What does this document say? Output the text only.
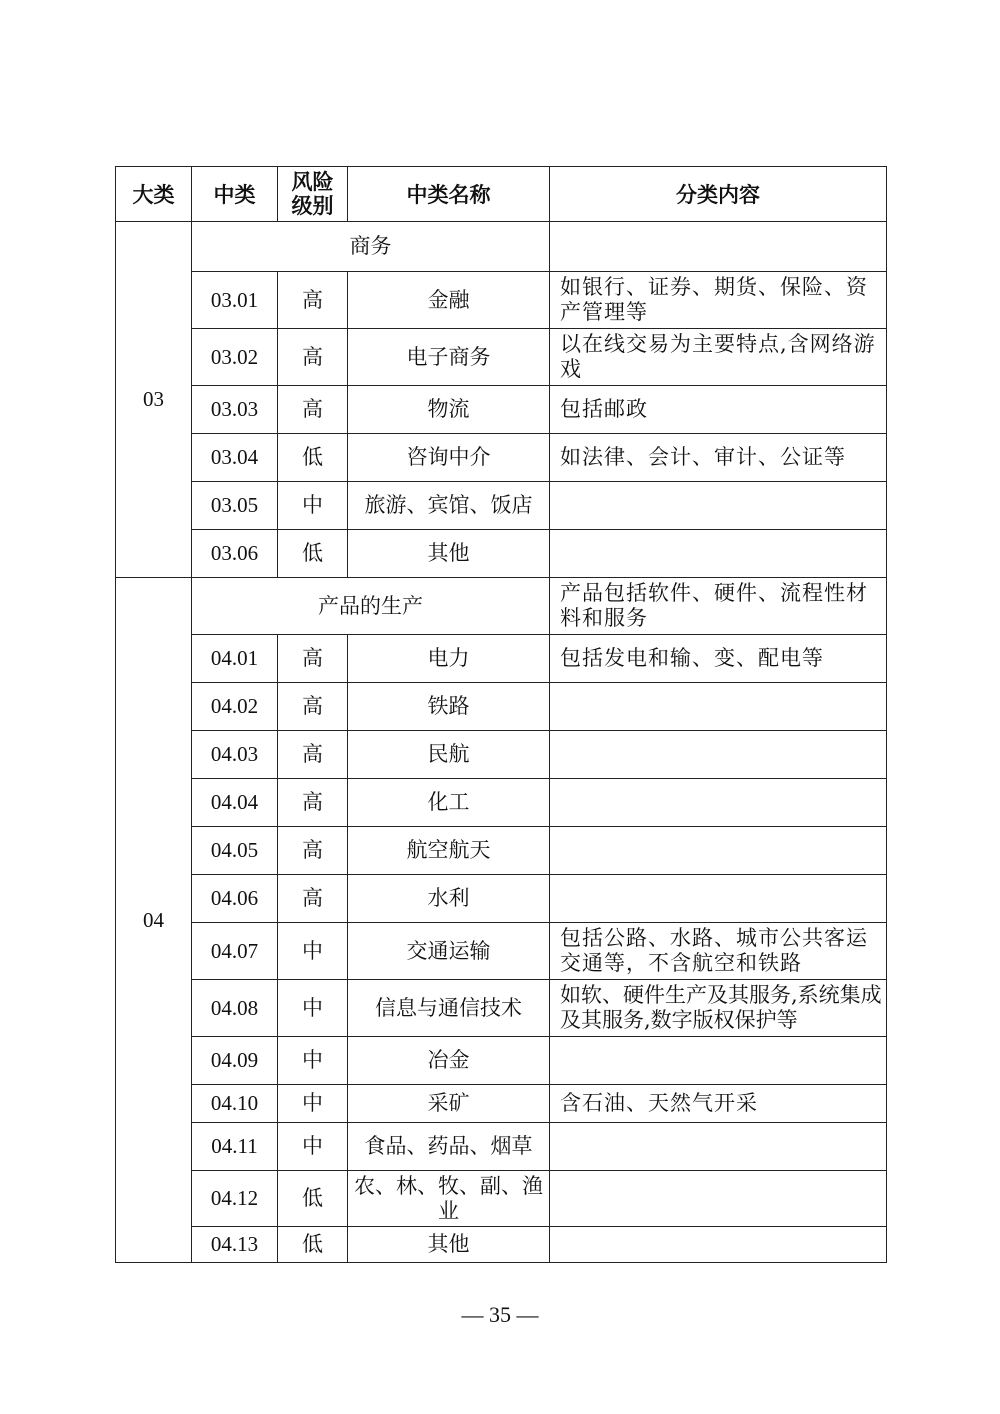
大类	中类	风险级别	中类名称	分类内容
03	商务			
	03.01	高	金融	如银行、证券、期货、保险、资产管理等
	03.02	高	电子商务	以在线交易为主要特点,含网络游戏
	03.03	高	物流	包括邮政
	03.04	低	咨询中介	如法律、会计、审计、公证等
	03.05	中	旅游、宾馆、饭店	
	03.06	低	其他	
04	产品的生产			产品包括软件、硬件、流程性材料和服务
	04.01	高	电力	包括发电和输、变、配电等
	04.02	高	铁路	
	04.03	高	民航	
	04.04	高	化工	
	04.05	高	航空航天	
	04.06	高	水利	
	04.07	中	交通运输	包括公路、水路、城市公共客运交通等，不含航空和铁路
	04.08	中	信息与通信技术	如软、硬件生产及其服务,系统集成及其服务,数字版权保护等
	04.09	中	冶金	
	04.10	中	采矿	含石油、天然气开采
	04.11	中	食品、药品、烟草	
	04.12	低	农、林、牧、副、渔业	
	04.13	低	其他	
— 35 —
